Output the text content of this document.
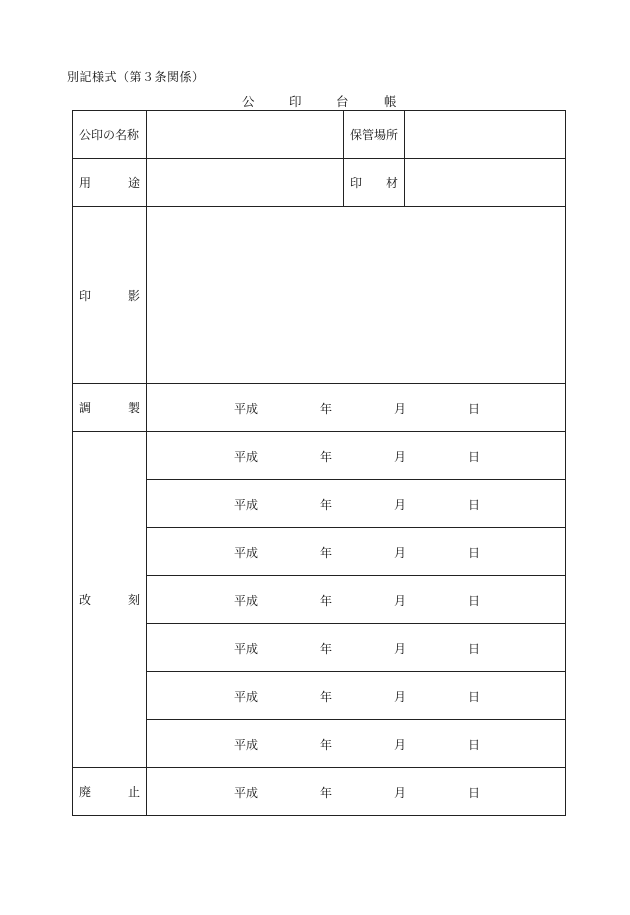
別記様式（第３条関係）
公	印	台	帳
公印の名称		保管場所	

用 途		印 材	

印 影			

調 製	平成 年 月 日		

改 刻	平成 年 月 日		

	平成 年 月 日		

	平成 年 月 日		

	平成 年 月 日		

	平成 年 月 日		

	平成 年 月 日		

	平成 年 月 日		

廃 止	平成 年 月 日		
